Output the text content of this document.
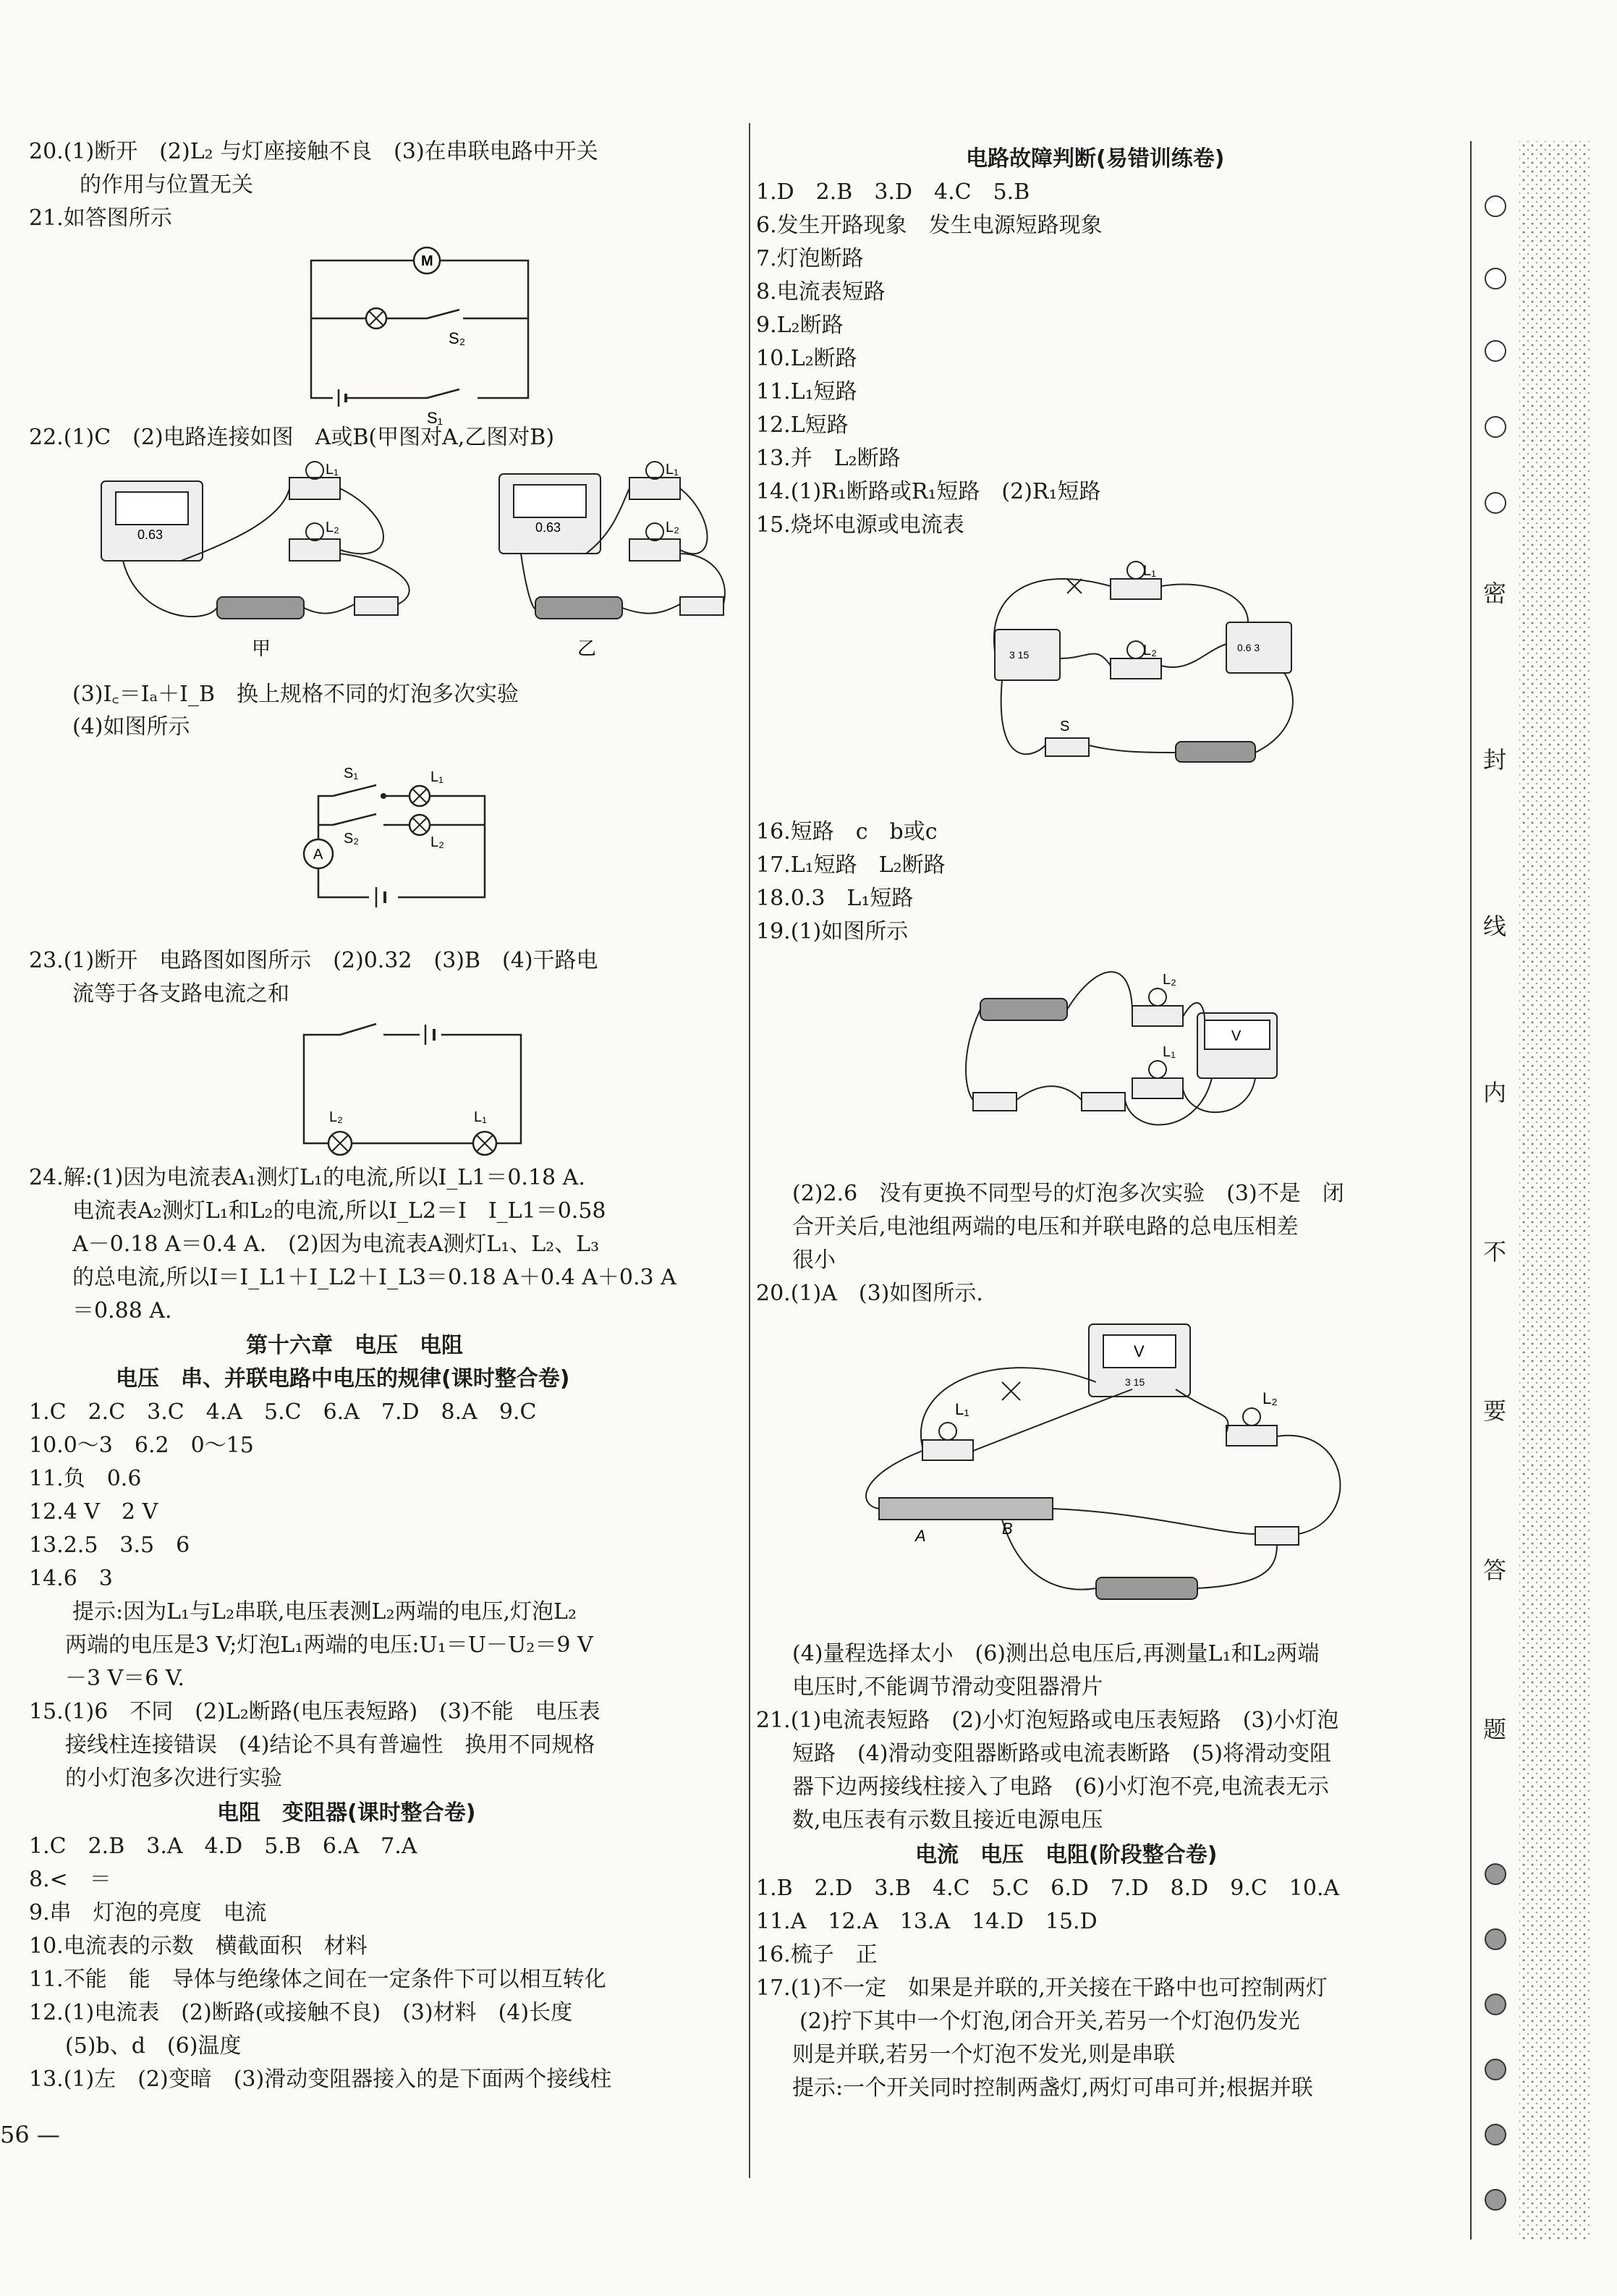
20.(1)断开　(2)L₂ 与灯座接触不良　(3)在串联电路中开关
的作用与位置无关
21.如答图所示
M
S₂
S₁
22.(1)C　(2)电路连接如图　A或B(甲图对A,乙图对B)
0.63	0.63
L₁
L₂
L₁
L₂
甲	乙
(3)I꜀＝Iₐ＋I_B　换上规格不同的灯泡多次实验
(4)如图所示
A
S₁
S₂
L₁
L₂
23.(1)断开　电路图如图所示　(2)0.32　(3)B　(4)干路电
流等于各支路电流之和
L₂	L₁
24.解:(1)因为电流表A₁测灯L₁的电流,所以I_L1＝0.18 A.
电流表A₂测灯L₁和L₂的电流,所以I_L2＝I　I_L1＝0.58
A－0.18 A＝0.4 A.　(2)因为电流表A测灯L₁、L₂、L₃
的总电流,所以I＝I_L1＋I_L2＋I_L3＝0.18 A＋0.4 A＋0.3 A
＝0.88 A.
第十六章　电压　电阻
电压　串、并联电路中电压的规律(课时整合卷)
1.C　2.C　3.C　4.A　5.C　6.A　7.D　8.A　9.C
10.0～3　6.2　0～15
11.负　0.6
12.4 V　2 V
13.2.5　3.5　6
14.6　3
　提示:因为L₁与L₂串联,电压表测L₂两端的电压,灯泡L₂
两端的电压是3 V;灯泡L₁两端的电压:U₁＝U－U₂＝9 V
－3 V＝6 V.
15.(1)6　不同　(2)L₂断路(电压表短路)　(3)不能　电压表
接线柱连接错误　(4)结论不具有普遍性　换用不同规格
的小灯泡多次进行实验
电阻　变阻器(课时整合卷)
1.C　2.B　3.A　4.D　5.B　6.A　7.A
8.<　＝
9.串　灯泡的亮度　电流
10.电流表的示数　横截面积　材料
11.不能　能　导体与绝缘体之间在一定条件下可以相互转化
12.(1)电流表　(2)断路(或接触不良)　(3)材料　(4)长度
(5)b、d　(6)温度
13.(1)左　(2)变暗　(3)滑动变阻器接入的是下面两个接线柱
56 —
电路故障判断(易错训练卷)
1.D　2.B　3.D　4.C　5.B
6.发生开路现象　发生电源短路现象
7.灯泡断路
8.电流表短路
9.L₂断路
10.L₂断路
11.L₁短路
12.L短路
13.并　L₂断路
14.(1)R₁断路或R₁短路　(2)R₁短路
15.烧坏电源或电流表
3 15
0.6 3
L₁
L₂
S
16.短路　c　b或c
17.L₁短路　L₂断路
18.0.3　L₁短路
19.(1)如图所示
V
L₂
L₁
(2)2.6　没有更换不同型号的灯泡多次实验　(3)不是　闭
合开关后,电池组两端的电压和并联电路的总电压相差
很小
20.(1)A　(3)如图所示.
V
3 15
L₁
L₂
A	B
(4)量程选择太小　(6)测出总电压后,再测量L₁和L₂两端
电压时,不能调节滑动变阻器滑片
21.(1)电流表短路　(2)小灯泡短路或电压表短路　(3)小灯泡
短路　(4)滑动变阻器断路或电流表断路　(5)将滑动变阻
器下边两接线柱接入了电路　(6)小灯泡不亮,电流表无示
数,电压表有示数且接近电源电压
电流　电压　电阻(阶段整合卷)
1.B　2.D　3.B　4.C　5.C　6.D　7.D　8.D　9.C　10.A
11.A　12.A　13.A　14.D　15.D
16.梳子　正
17.(1)不一定　如果是并联的,开关接在干路中也可控制两灯
　(2)拧下其中一个灯泡,闭合开关,若另一个灯泡仍发光
则是并联,若另一个灯泡不发光,则是串联
提示:一个开关同时控制两盏灯,两灯可串可并;根据并联
密
封
线
内
不
要
答
题
